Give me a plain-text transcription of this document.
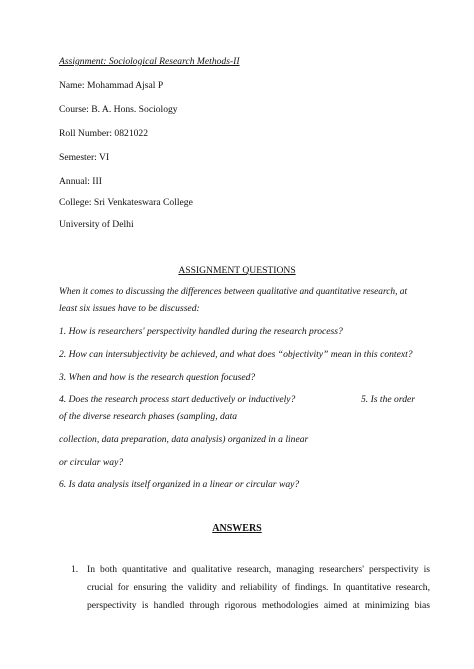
Assignment: Sociological Research Methods-II

Name: Mohammad Ajsal P

Course: B. A. Hons. Sociology

Roll Number: 0821022

Semester: VI

Annual: III

College: Sri Venkateswara College

University of Delhi

ASSIGNMENT QUESTIONS

When it comes to discussing the differences between qualitative and quantitative research, at

least six issues have to be discussed:

1. How is researchers' perspectivity handled during the research process?

2. How can intersubjectivity be achieved, and what does “objectivity” mean in this context?

3. When and how is the research question focused?

4. Does the research process start deductively or inductively?	5. Is the order

of the diverse research phases (sampling, data

collection, data preparation, data analysis) organized in a linear

or circular way?

6. Is data analysis itself organized in a linear or circular way?

ANSWERS

1. In both quantitative and qualitative research, managing researchers' perspectivity is

crucial for ensuring the validity and reliability of findings. In quantitative research,

perspectivity is handled through rigorous methodologies aimed at minimizing bias
